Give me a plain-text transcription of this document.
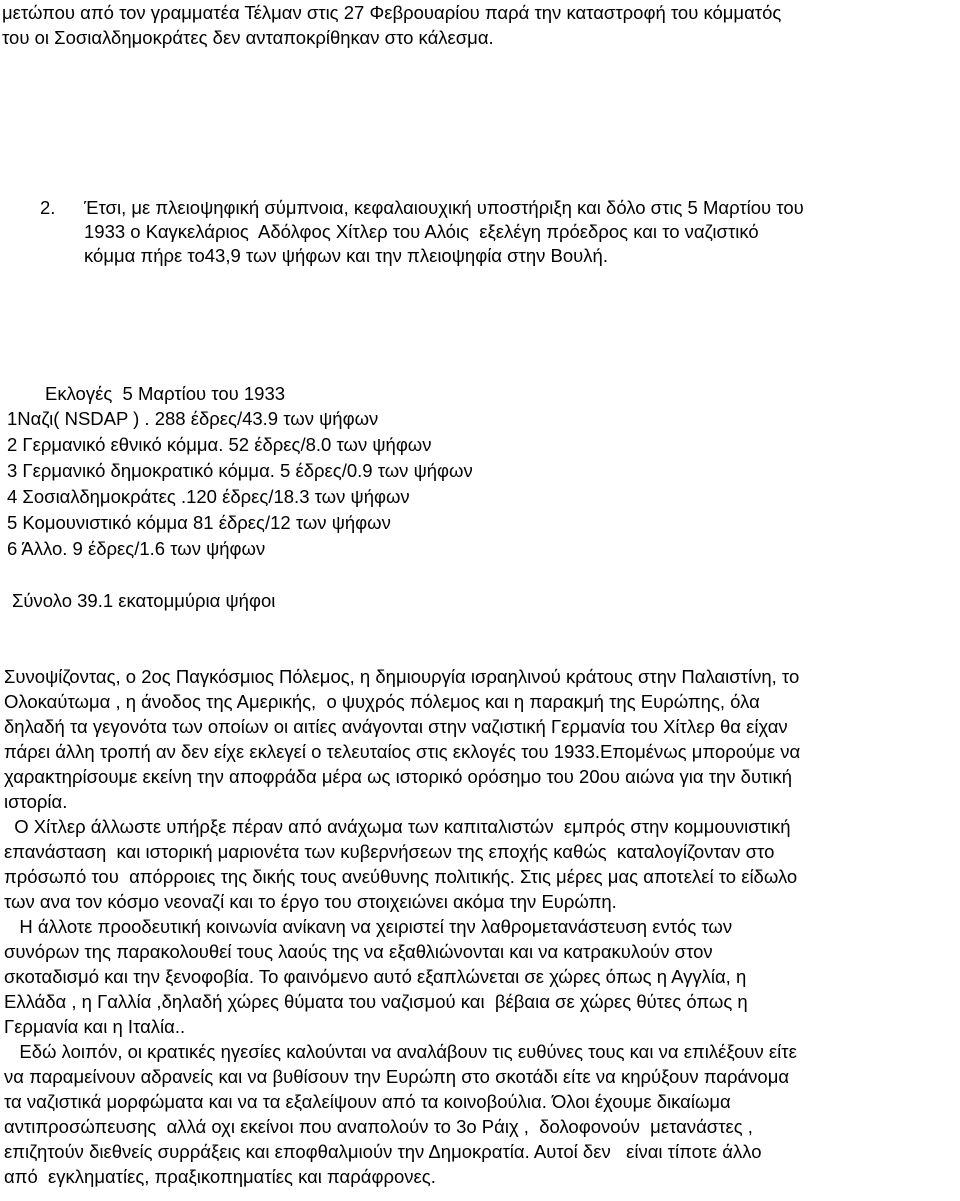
μετώπου από τον γραμματέα Τέλμαν στις 27 Φεβρουαρίου παρά την καταστροφή του κόμματός
του οι Σοσιαλδημοκράτες δεν ανταποκρίθηκαν στο κάλεσμα.
2. Έτσι, με πλειοψηφική σύμπνοια, κεφαλαιουχική υποστήριξη και δόλο στις 5 Μαρτίου του
1933 ο Καγκελάριος  Αδόλφος Χίτλερ του Αλόις  εξελέγη πρόεδρος και το ναζιστικό
κόμμα πήρε το43,9 των ψήφων και την πλειοψηφία στην Βουλή.
Εκλογές  5 Μαρτίου του 1933
1Ναζι( NSDAP ) . 288 έδρες/43.9 των ψήφων
2 Γερμανικό εθνικό κόμμα. 52 έδρες/8.0 των ψήφων
3 Γερμανικό δημοκρατικό κόμμα. 5 έδρες/0.9 των ψήφων
4 Σοσιαλδημοκράτες .120 έδρες/18.3 των ψήφων
5 Κομουνιστικό κόμμα 81 έδρες/12 των ψήφων
6 Άλλο. 9 έδρες/1.6 των ψήφων
Σύνολο 39.1 εκατομμύρια ψήφοι
Συνοψίζοντας, ο 2ος Παγκόσμιος Πόλεμος, η δημιουργία ισραηλινού κράτους στην Παλαιστίνη, το
Ολοκαύτωμα , η άνοδος της Αμερικής,  ο ψυχρός πόλεμος και η παρακμή της Ευρώπης, όλα
δηλαδή τα γεγονότα των οποίων οι αιτίες ανάγονται στην ναζιστική Γερμανία του Χίτλερ θα είχαν
πάρει άλλη τροπή αν δεν είχε εκλεγεί ο τελευταίος στις εκλογές του 1933.Επομένως μπορούμε να
χαρακτηρίσουμε εκείνη την αποφράδα μέρα ως ιστορικό ορόσημο του 20ου αιώνα για την δυτική
ιστορία.
Ο Χίτλερ άλλωστε υπήρξε πέραν από ανάχωμα των καπιταλιστών  εμπρός στην κομμουνιστική
επανάσταση  και ιστορική μαριονέτα των κυβερνήσεων της εποχής καθώς  καταλογίζονταν στο
πρόσωπό του  απόρροιες της δικής τους ανεύθυνης πολιτικής. Στις μέρες μας αποτελεί το είδωλο
των ανα τον κόσμο νεοναζί και το έργο του στοιχειώνει ακόμα την Ευρώπη.
Η άλλοτε προοδευτική κοινωνία ανίκανη να χειριστεί την λαθρομετανάστευση εντός των
συνόρων της παρακολουθεί τους λαούς της να εξαθλιώνονται και να κατρακυλούν στον
σκοταδισμό και την ξενοφοβία. Το φαινόμενο αυτό εξαπλώνεται σε χώρες όπως η Αγγλία, η
Ελλάδα , η Γαλλία ,δηλαδή χώρες θύματα του ναζισμού και  βέβαια σε χώρες θύτες όπως η
Γερμανία και η Ιταλία..
Εδώ λοιπόν, οι κρατικές ηγεσίες καλούνται να αναλάβουν τις ευθύνες τους και να επιλέξουν είτε
να παραμείνουν αδρανείς και να βυθίσουν την Ευρώπη στο σκοτάδι είτε να κηρύξουν παράνομα
τα ναζιστικά μορφώματα και να τα εξαλείψουν από τα κοινοβούλια. Όλοι έχουμε δικαίωμα
αντιπροσώπευσης  αλλά οχι εκείνοι που αναπολούν το 3ο Ράιχ ,  δολοφονούν  μετανάστες ,
επιζητούν διεθνείς συρράξεις και εποφθαλμιούν την Δημοκρατία. Αυτοί δεν   είναι τίποτε άλλο
από  εγκληματίες, πραξικοπηματίες και παράφρονες.
